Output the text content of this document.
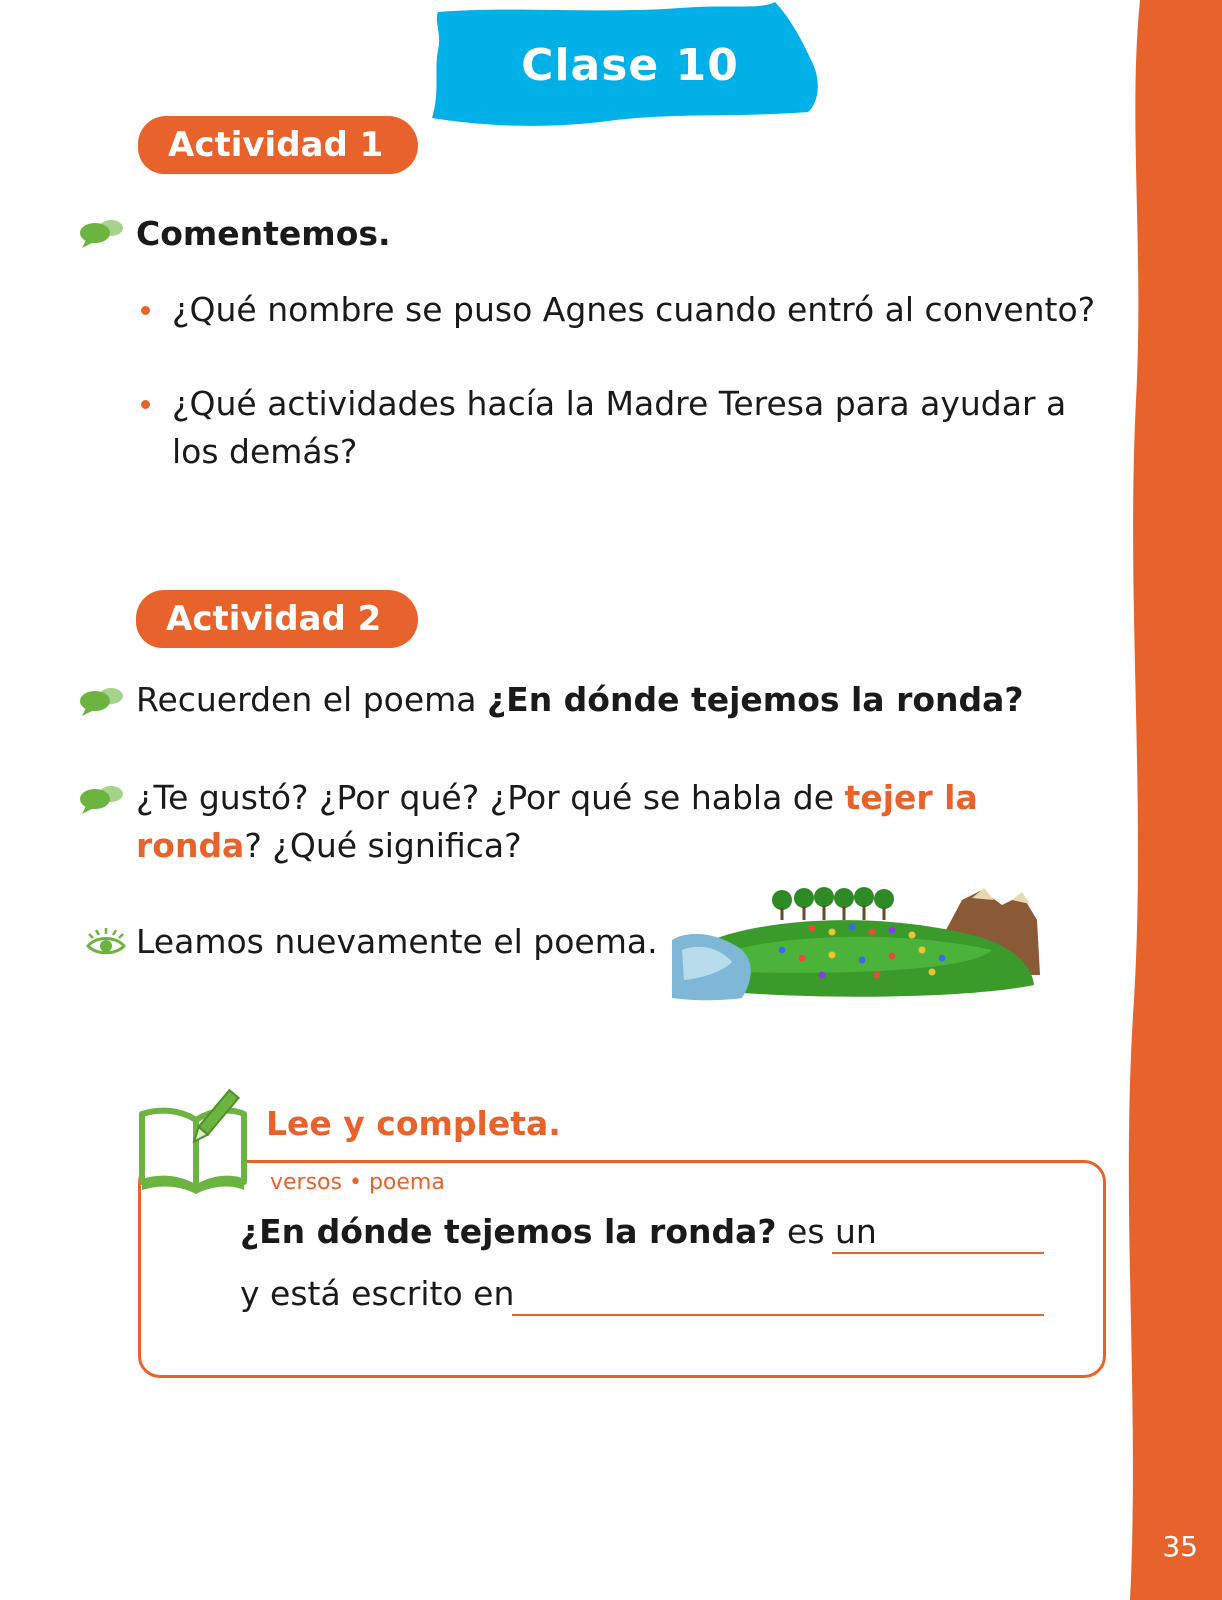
35
Clase 10
Actividad 1
Comentemos.
¿Qué nombre se puso Agnes cuando entró al convento?
¿Qué actividades hacía la Madre Teresa para ayudar a
los demás?
Actividad 2
Recuerden el poema ¿En dónde tejemos la ronda?
¿Te gustó? ¿Por qué? ¿Por qué se habla de tejer la
ronda? ¿Qué significa?
Leamos nuevamente el poema.
Lee y completa.
versos • poema
¿En dónde tejemos la ronda? es un
y está escrito en
